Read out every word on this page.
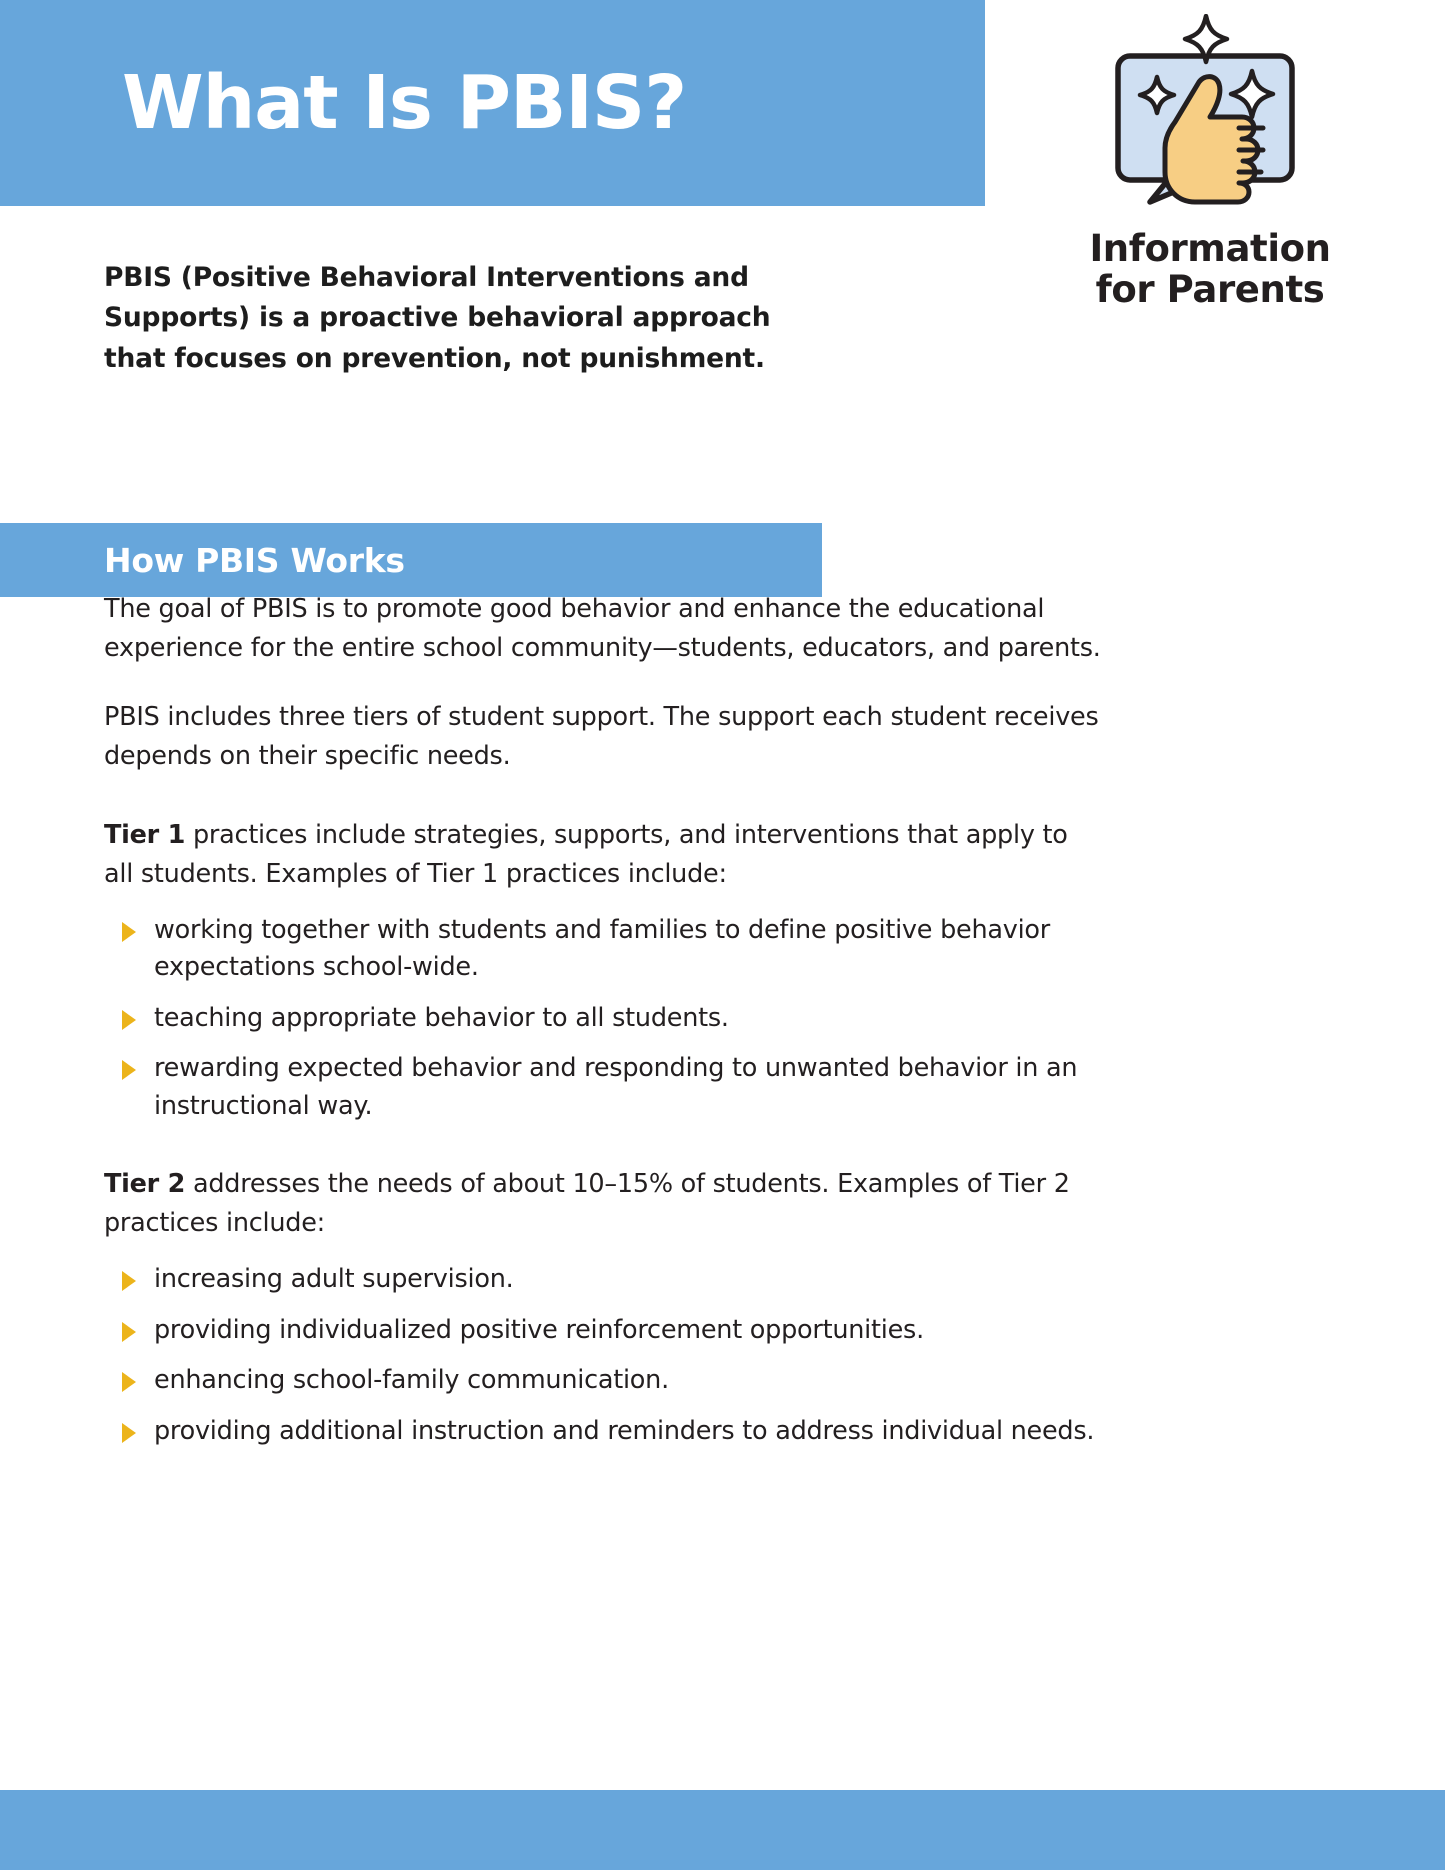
What Is PBIS?
Information
for Parents
PBIS (Positive Behavioral Interventions and Supports) is a proactive behavioral approach that focuses on prevention, not punishment.
How PBIS Works

The goal of PBIS is to promote good behavior and enhance the educational experience for the entire school community—students, educators, and parents.

PBIS includes three tiers of student support. The support each student receives depends on their specific needs.

Tier 1 practices include strategies, supports, and interventions that apply to all students. Examples of Tier 1 practices include:

working together with students and families to define positive behavior expectations school-wide.
teaching appropriate behavior to all students.
rewarding expected behavior and responding to unwanted behavior in an instructional way.

Tier 2 addresses the needs of about 10–15% of students. Examples of Tier 2 practices include:

increasing adult supervision.
providing individualized positive reinforcement opportunities.
enhancing school-family communication.
providing additional instruction and reminders to address individual needs.
